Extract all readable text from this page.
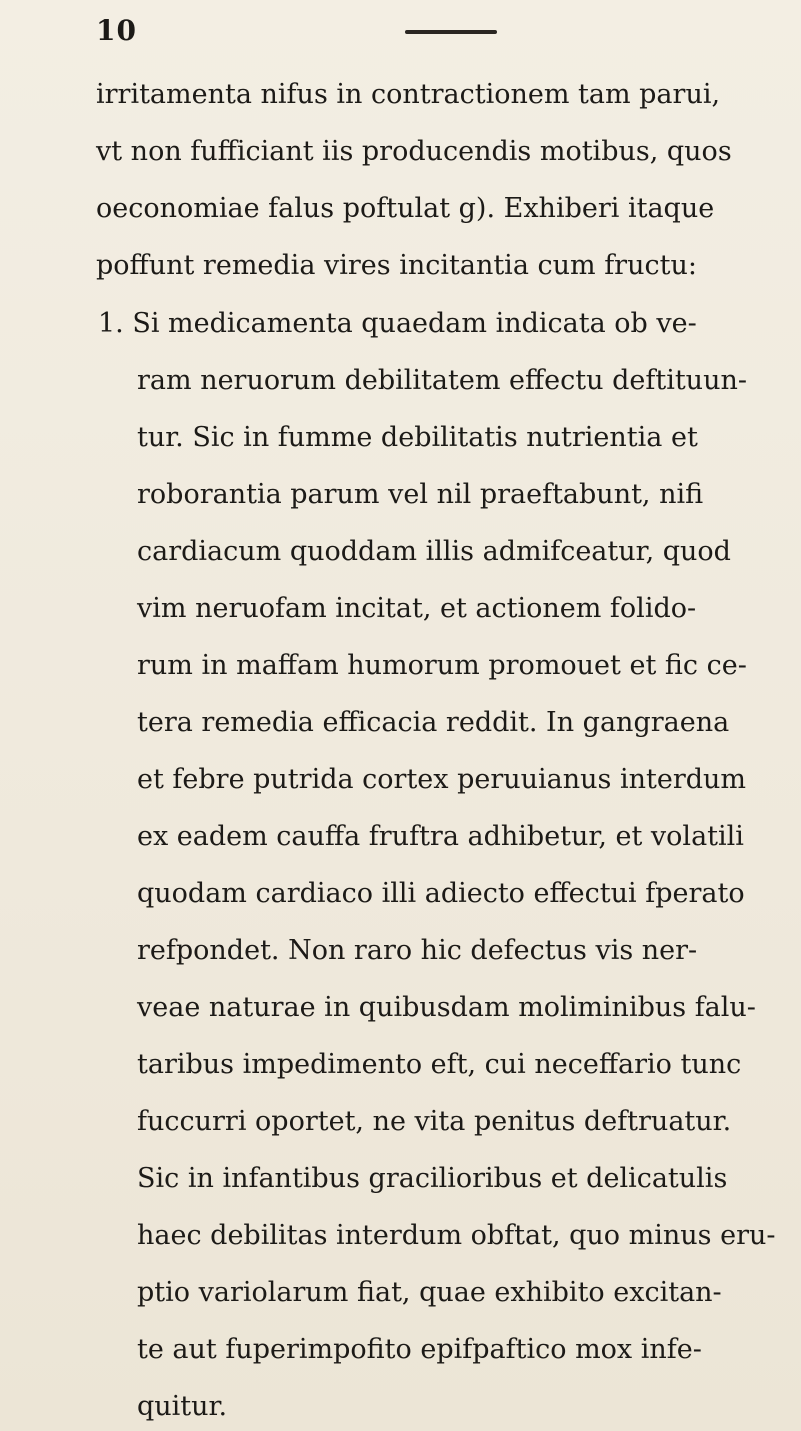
10
irritamenta nifus in contractionem tam parui,
vt non fufficiant iis producendis motibus, quos
oeconomiae falus poftulat g). Exhiberi itaque
poffunt remedia vires incitantia cum fructu:
1. Si medicamenta quaedam indicata ob ve-
ram neruorum debilitatem effectu deftituun-
tur. Sic in fumme debilitatis nutrientia et
roborantia parum vel nil praeftabunt, nifi
cardiacum quoddam illis admifceatur, quod
vim neruofam incitat, et actionem folido-
rum in maffam humorum promouet et fic ce-
tera remedia efficacia reddit. In gangraena
et febre putrida cortex peruuianus interdum
ex eadem cauffa fruftra adhibetur, et volatili
quodam cardiaco illi adiecto effectui fperato
refpondet. Non raro hic defectus vis ner-
veae naturae in quibusdam moliminibus falu-
taribus impedimento eft, cui neceffario tunc
fuccurri oportet, ne vita penitus deftruatur.
Sic in infantibus gracilioribus et delicatulis
haec debilitas interdum obftat, quo minus eru-
ptio variolarum fiat, quae exhibito excitan-
te aut fuperimpofito epifpaftico mox infe-
quitur.
